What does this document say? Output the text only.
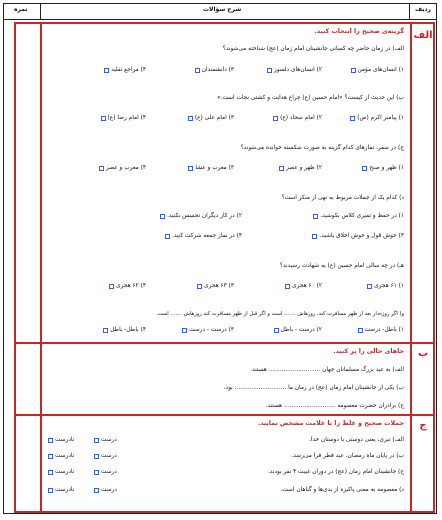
ردیف
شرح سؤالات
نمره
الف
ب
ج
گزینه‌ی صحیح را انتخاب کنید.
الف) در زمان حاضر چه کسانی جانشینان امام زمان (عج) شناخته می‌شوند؟
۱) انسان‌های مؤمن
۲) انسان‌های دلسوز
۳) دانشمندان
۴) مراجع تقلید
ب) این حدیث از کیست؟ «امام حسین (ع) چراغ هدایت و کشتی نجات است.»
۱) پیامبر اکرم (ص)
۲) امام سجاد (ع)
۳) امام علی (ع)
۴) امام رضا (ع)
ج) در سفر، نمازهای کدام گزینه به صورت شکسته خوانده می‌شوند؟
۱) ظهر و صبح
۲) ظهر و عصر
۳) مغرب و عشا
۴) مغرب و عصر
د) کدام یک از جملات مربوط به نهی از منکر است؟
۱) در حفظ و تمیزی کلاس بکوشید.
۲) در کار دیگران تجسس نکنید.
۳) خوش قول و خوش اخلاق باشید.
۴) در نماز جمعه شرکت کنید.
هـ) در چه سالی امام حسین (ع) به شهادت رسیدند؟
۱) ۶۱ هجری
۲) ۶۰ هجری
۳) ۶۳ هجری
۴) ۶۲ هجری
و) اگر روزه‌دار بعد از ظهر مسافرت کند، روزهاش ....... است و اگر قبل از ظهر مسافرت کند روزهاش ....... است.
۱) باطل- درست
۲) درست - باطل
۳) درست - درست
۴) باطل- باطل
جاهای خالی را پر کنید.
الف) به عید بزرگ مسلمانان جهان ............................ هستند.
ب) یکی از جانشینان امام زمان (عج) در زمان ما ............................ بود.
ج) برادران حضرت معصومه ............................ هستند.
جملات صحیح و غلط را با علامت مشخص نمایید.
الف) تبری، یعنی دوستی با دوستان خدا.
درست
نادرست
ب) در پایان ماه رمضان، عید فطر فرا می‌رسد.
درست
نادرست
ج) جانشینان امام زمان (عج) در دوران غیبت ۴ نفر بودند.
درست
نادرست
د) معصومه به معنی پاکیزه از بدی‌ها و گناهان است.
درست
نادرست
